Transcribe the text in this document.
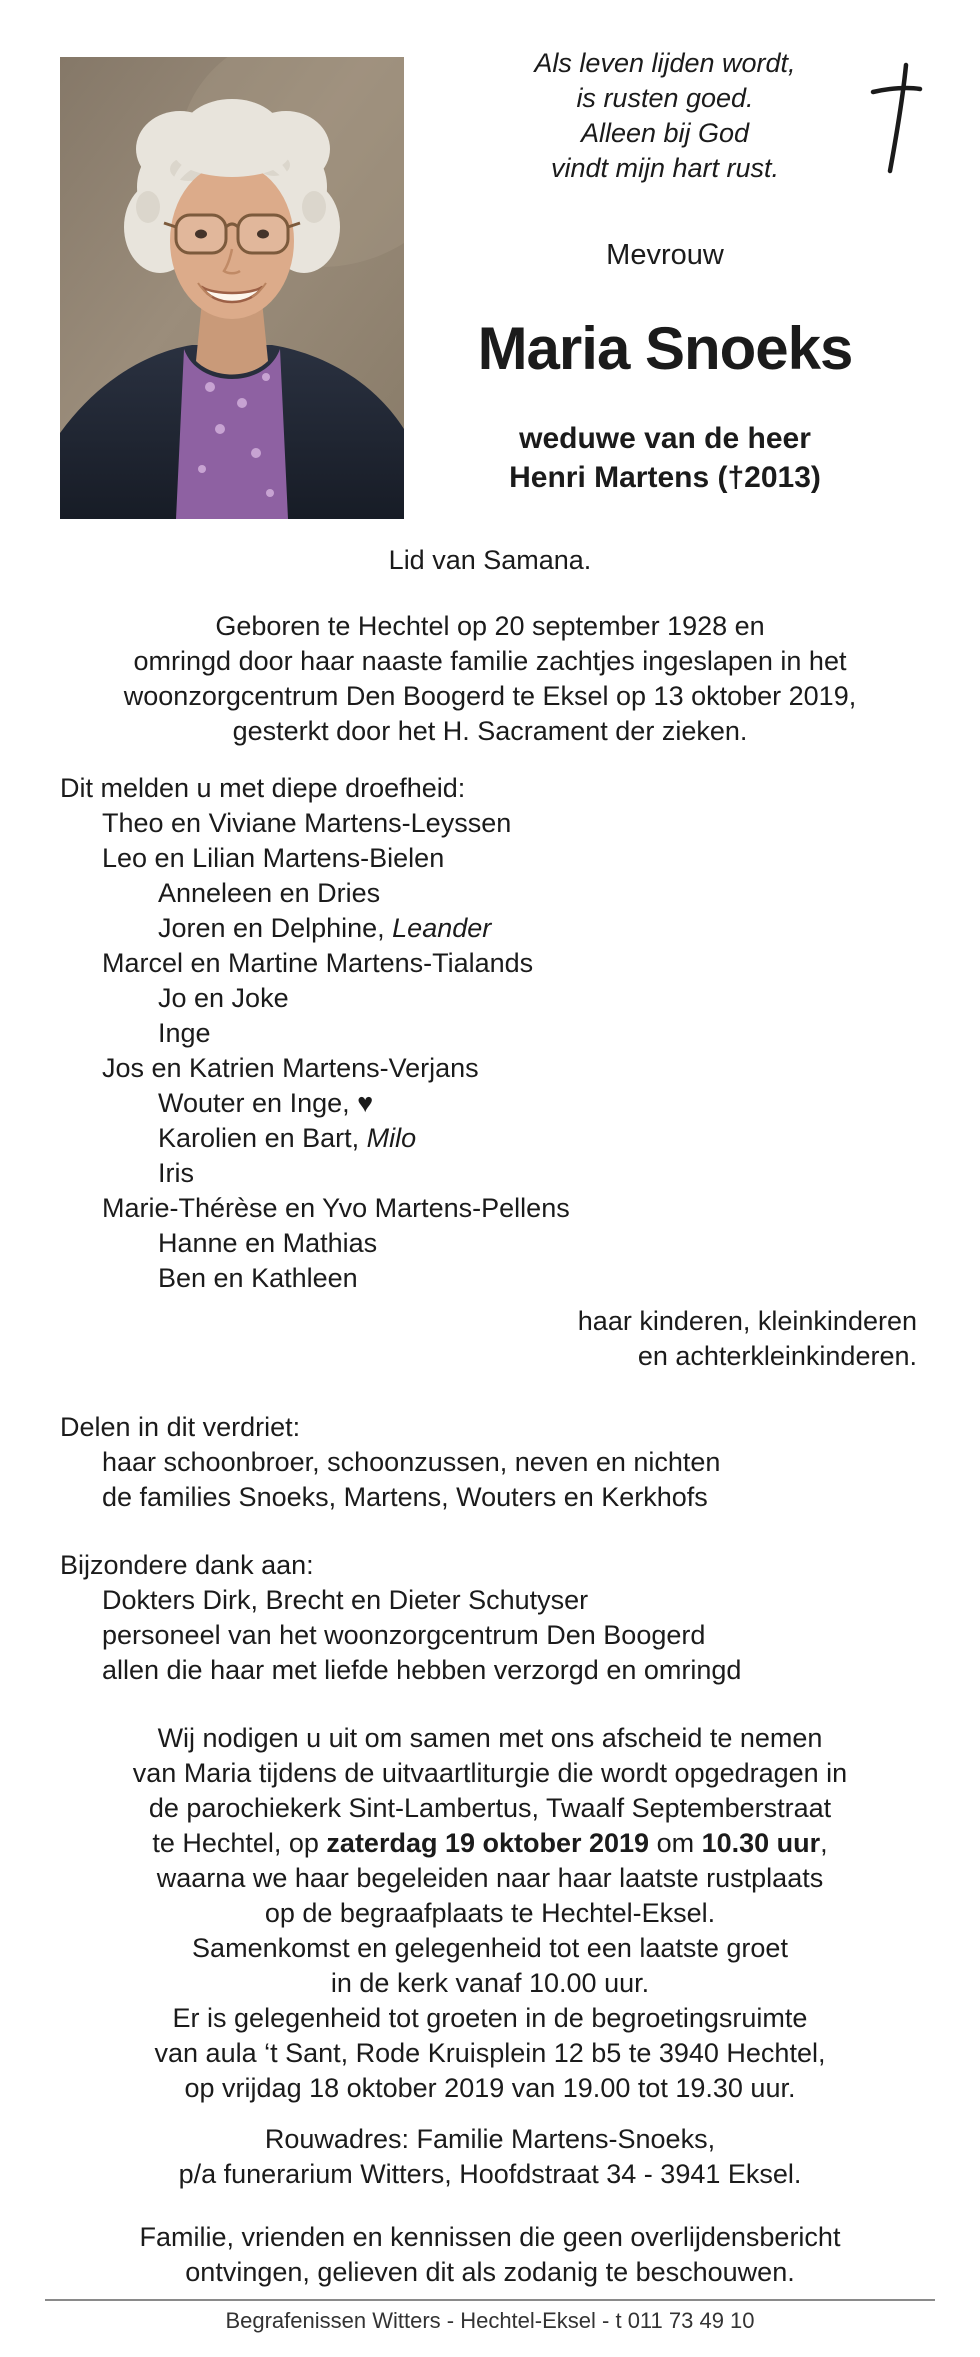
Als leven lijden wordt,
is rusten goed.
Alleen bij God
vindt mijn hart rust.
Mevrouw
Maria Snoeks
weduwe van de heer
Henri Martens (†2013)
Lid van Samana.
Geboren te Hechtel op 20 september 1928 en
omringd door haar naaste familie zachtjes ingeslapen in het
woonzorgcentrum Den Boogerd te Eksel op 13 oktober 2019,
gesterkt door het H. Sacrament der zieken.
Dit melden u met diepe droefheid:
Theo en Viviane Martens-Leyssen
Leo en Lilian Martens-Bielen
Anneleen en Dries
Joren en Delphine, Leander
Marcel en Martine Martens-Tialands
Jo en Joke
Inge
Jos en Katrien Martens-Verjans
Wouter en Inge, ♥
Karolien en Bart, Milo
Iris
Marie-Thérèse en Yvo Martens-Pellens
Hanne en Mathias
Ben en Kathleen
haar kinderen, kleinkinderen
en achterkleinkinderen.
Delen in dit verdriet:
haar schoonbroer, schoonzussen, neven en nichten
de families Snoeks, Martens, Wouters en Kerkhofs
Bijzondere dank aan:
Dokters Dirk, Brecht en Dieter Schutyser
personeel van het woonzorgcentrum Den Boogerd
allen die haar met liefde hebben verzorgd en omringd
Wij nodigen u uit om samen met ons afscheid te nemen
van Maria tijdens de uitvaartliturgie die wordt opgedragen in
de parochiekerk Sint-Lambertus, Twaalf Septemberstraat
te Hechtel, op zaterdag 19 oktober 2019 om 10.30 uur,
waarna we haar begeleiden naar haar laatste rustplaats
op de begraafplaats te Hechtel-Eksel.
Samenkomst en gelegenheid tot een laatste groet
in de kerk vanaf 10.00 uur.
Er is gelegenheid tot groeten in de begroetingsruimte
van aula ‘t Sant, Rode Kruisplein 12 b5 te 3940 Hechtel,
op vrijdag 18 oktober 2019 van 19.00 tot 19.30 uur.
Rouwadres: Familie Martens-Snoeks,
p/a funerarium Witters, Hoofdstraat 34 - 3941 Eksel.
Familie, vrienden en kennissen die geen overlijdensbericht
ontvingen, gelieven dit als zodanig te beschouwen.
Begrafenissen Witters - Hechtel-Eksel - t 011 73 49 10
